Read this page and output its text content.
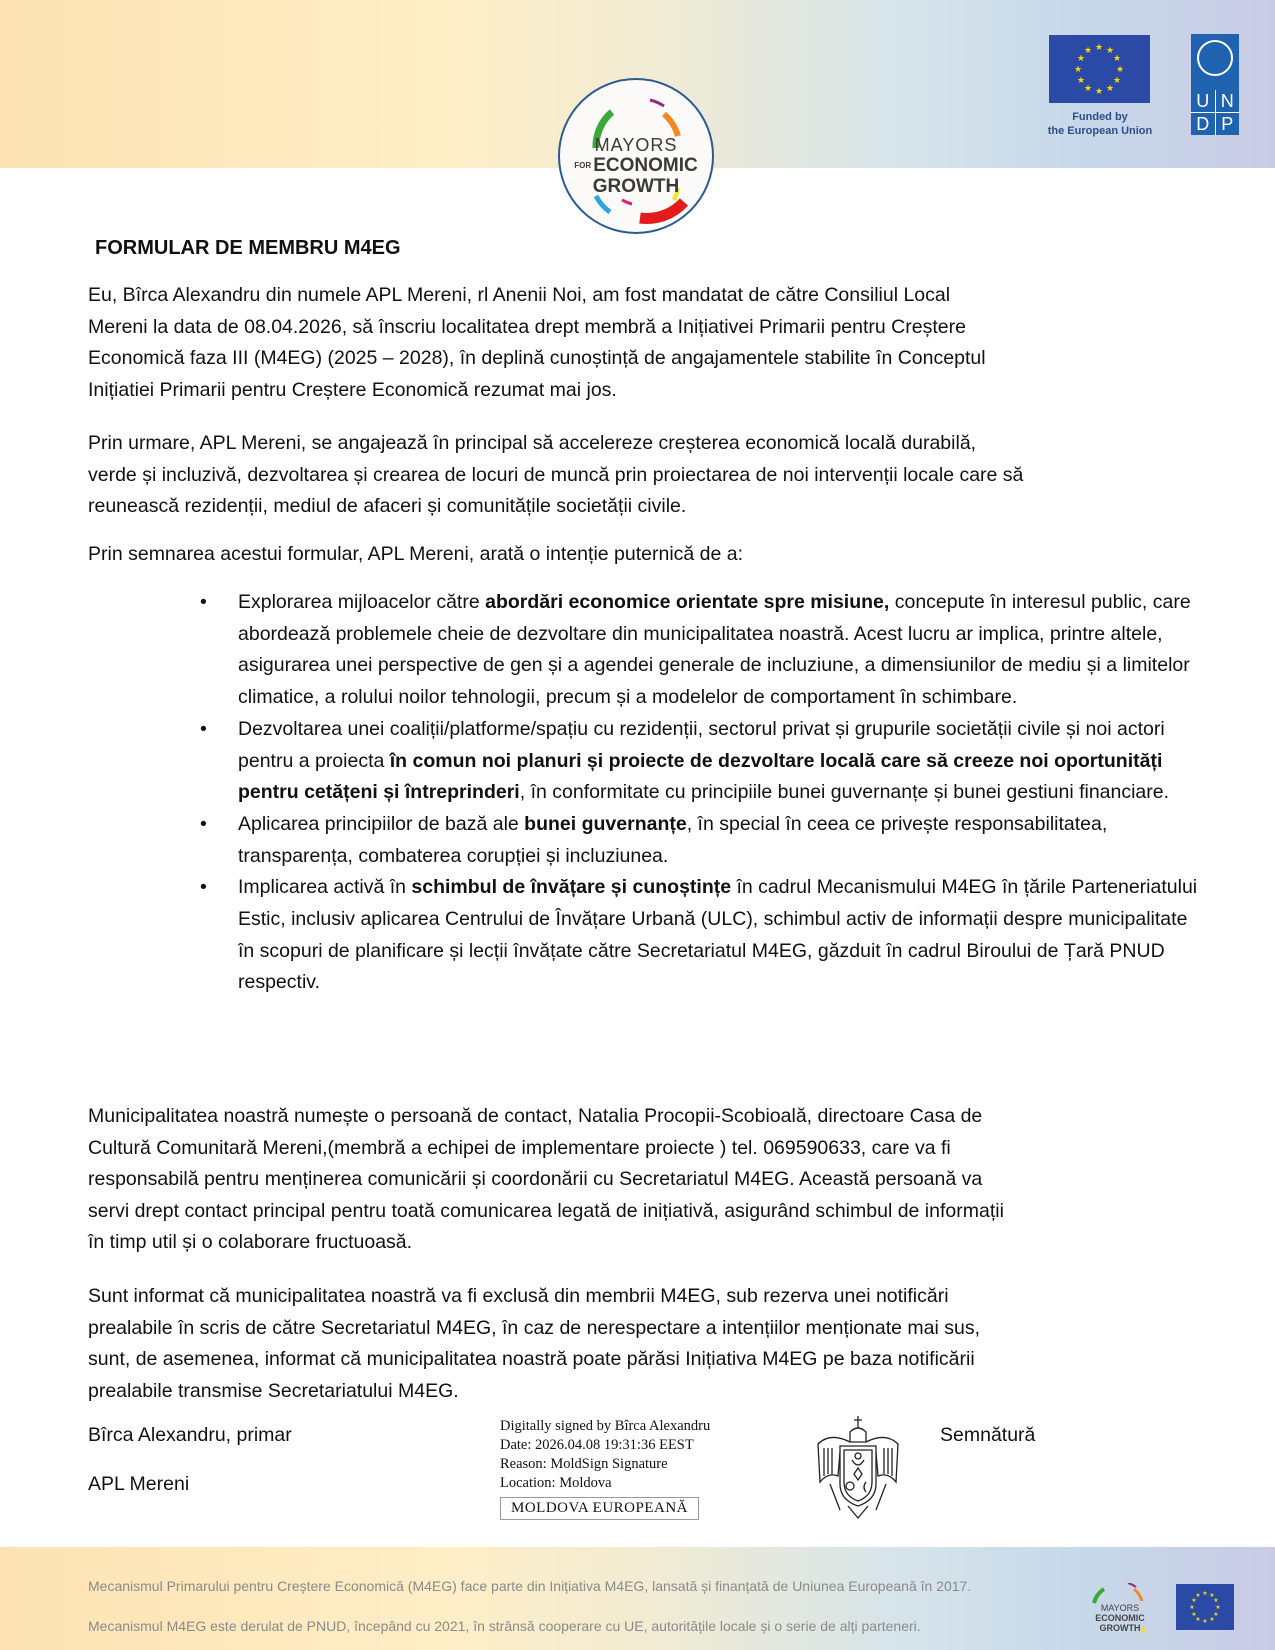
MAYORS
FOR ECONOMIC
GROWTH
★ ★
★
★
★
★
★
★
★
★
★
★
Funded by
the European Union
U N
D P
FORMULAR DE MEMBRU M4EG
Eu, Bîrca Alexandru din numele APL Mereni, rl Anenii Noi, am fost mandatat de către Consiliul Local
Mereni la data de 08.04.2026, să înscriu localitatea drept membră a Inițiativei Primarii pentru Creștere
Economică faza III (M4EG) (2025 – 2028), în deplină cunoștință de angajamentele stabilite în Conceptul
Inițiatiei Primarii pentru Creștere Economică rezumat mai jos.
Prin urmare, APL Mereni, se angajează în principal să accelereze creșterea economică locală durabilă,
verde și incluzivă, dezvoltarea și crearea de locuri de muncă prin proiectarea de noi intervenții locale care să
reunească rezidenții, mediul de afaceri și comunitățile societății civile.
Prin semnarea acestui formular, APL Mereni, arată o intenție puternică de a:
• Explorarea mijloacelor către abordări economice orientate spre misiune, concepute în interesul public, care abordează problemele cheie de dezvoltare din municipalitatea noastră. Acest lucru ar implica, printre altele, asigurarea unei perspective de gen și a agendei generale de incluziune, a dimensiunilor de mediu și a limitelor climatice, a rolului noilor tehnologii, precum și a modelelor de comportament în schimbare.
• Dezvoltarea unei coaliții/platforme/spațiu cu rezidenții, sectorul privat și grupurile societății civile și noi actori pentru a proiecta în comun noi planuri și proiecte de dezvoltare locală care să creeze noi oportunități pentru cetățeni și întreprinderi, în conformitate cu principiile bunei guvernanțe și bunei gestiuni financiare.
• Aplicarea principiilor de bază ale bunei guvernanțe, în special în ceea ce privește responsabilitatea, transparența, combaterea corupției și incluziunea.
• Implicarea activă în schimbul de învățare și cunoștințe în cadrul Mecanismului M4EG în țările Parteneriatului Estic, inclusiv aplicarea Centrului de Învățare Urbană (ULC), schimbul activ de informații despre municipalitate în scopuri de planificare și lecții învățate către Secretariatul M4EG, găzduit în cadrul Biroului de Țară PNUD respectiv.
Municipalitatea noastră numește o persoană de contact, Natalia Procopii-Scobioală, directoare Casa de
Cultură Comunitară Mereni,(membră a echipei de implementare proiecte ) tel. 069590633, care va fi
responsabilă pentru menținerea comunicării și coordonării cu Secretariatul M4EG. Această persoană va
servi drept contact principal pentru toată comunicarea legată de inițiativă, asigurând schimbul de informații
în timp util și o colaborare fructuoasă.
Sunt informat că municipalitatea noastră va fi exclusă din membrii M4EG, sub rezerva unei notificări
prealabile în scris de către Secretariatul M4EG, în caz de nerespectare a intențiilor menționate mai sus,
sunt, de asemenea, informat că municipalitatea noastră poate părăsi Inițiativa M4EG pe baza notificării
prealabile transmise Secretariatului M4EG.
Bîrca Alexandru, primar
APL Mereni
Digitally signed by Bîrca Alexandru
Date: 2026.04.08 19:31:36 EEST
Reason: MoldSign Signature
Location: Moldova
MOLDOVA EUROPEANĂ
Semnătură
Mecanismul Primarului pentru Creștere Economică (M4EG) face parte din Inițiativa M4EG, lansată și finanțată de Uniunea Europeană în 2017.
Mecanismul M4EG este derulat de PNUD, începând cu 2021, în strânsă cooperare cu UE, autoritățile locale și o serie de alți parteneri.
MAYORS
ECONOMIC
GROWTH
★ ★
★
★
★
★
★
★
★
★
★
★
